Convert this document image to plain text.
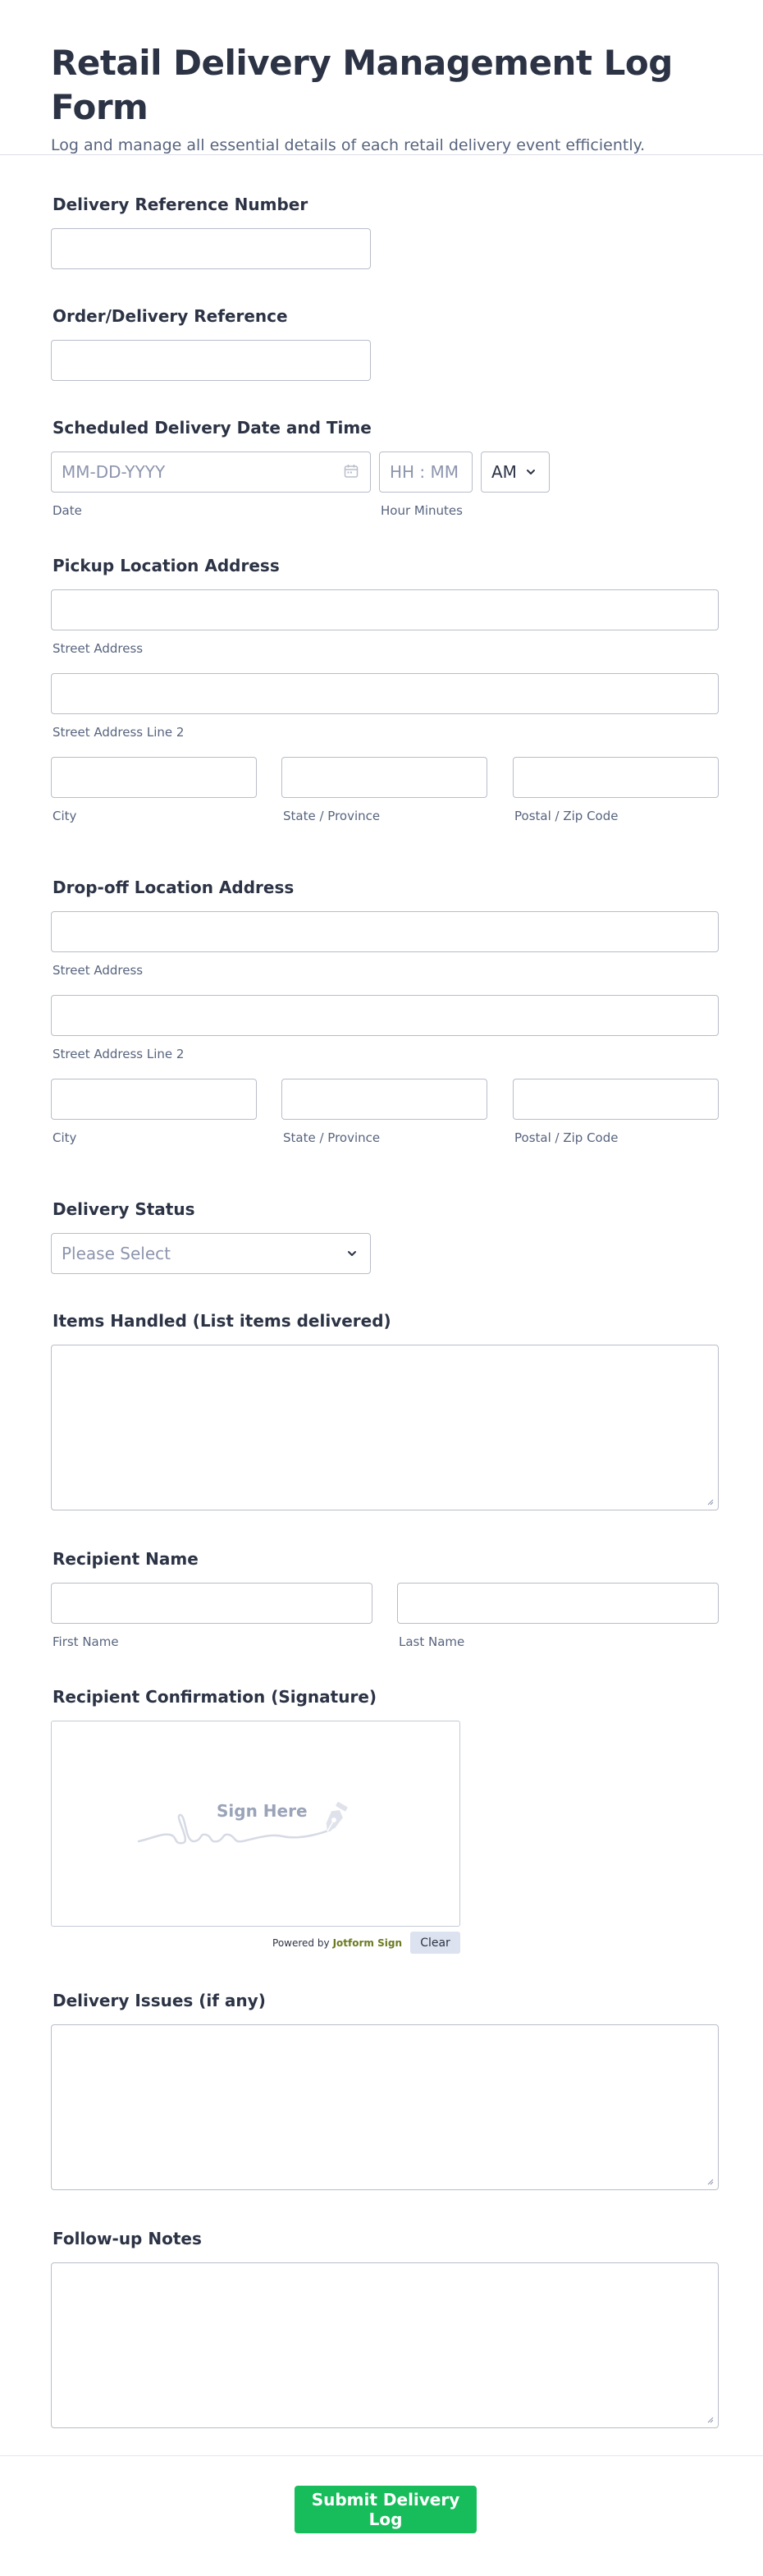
Retail Delivery Management Log Form
Log and manage all essential details of each retail delivery event efficiently.
Delivery Reference Number
Order/Delivery Reference
Scheduled Delivery Date and Time
MM-DD-YYYY
Date
HH : MM	Hour Minutes
AM
Pickup Location Address
Street Address
Street Address Line 2
City	State / Province	Postal / Zip Code
Drop-off Location Address
Street Address
Street Address Line 2
City	State / Province	Postal / Zip Code
Delivery Status
Please Select
Items Handled (List items delivered)
Recipient Name
First Name	Last Name
Recipient Confirmation (Signature)
Sign Here
Powered by Jotform Sign	Clear
Delivery Issues (if any)
Follow-up Notes
Submit Delivery Log
